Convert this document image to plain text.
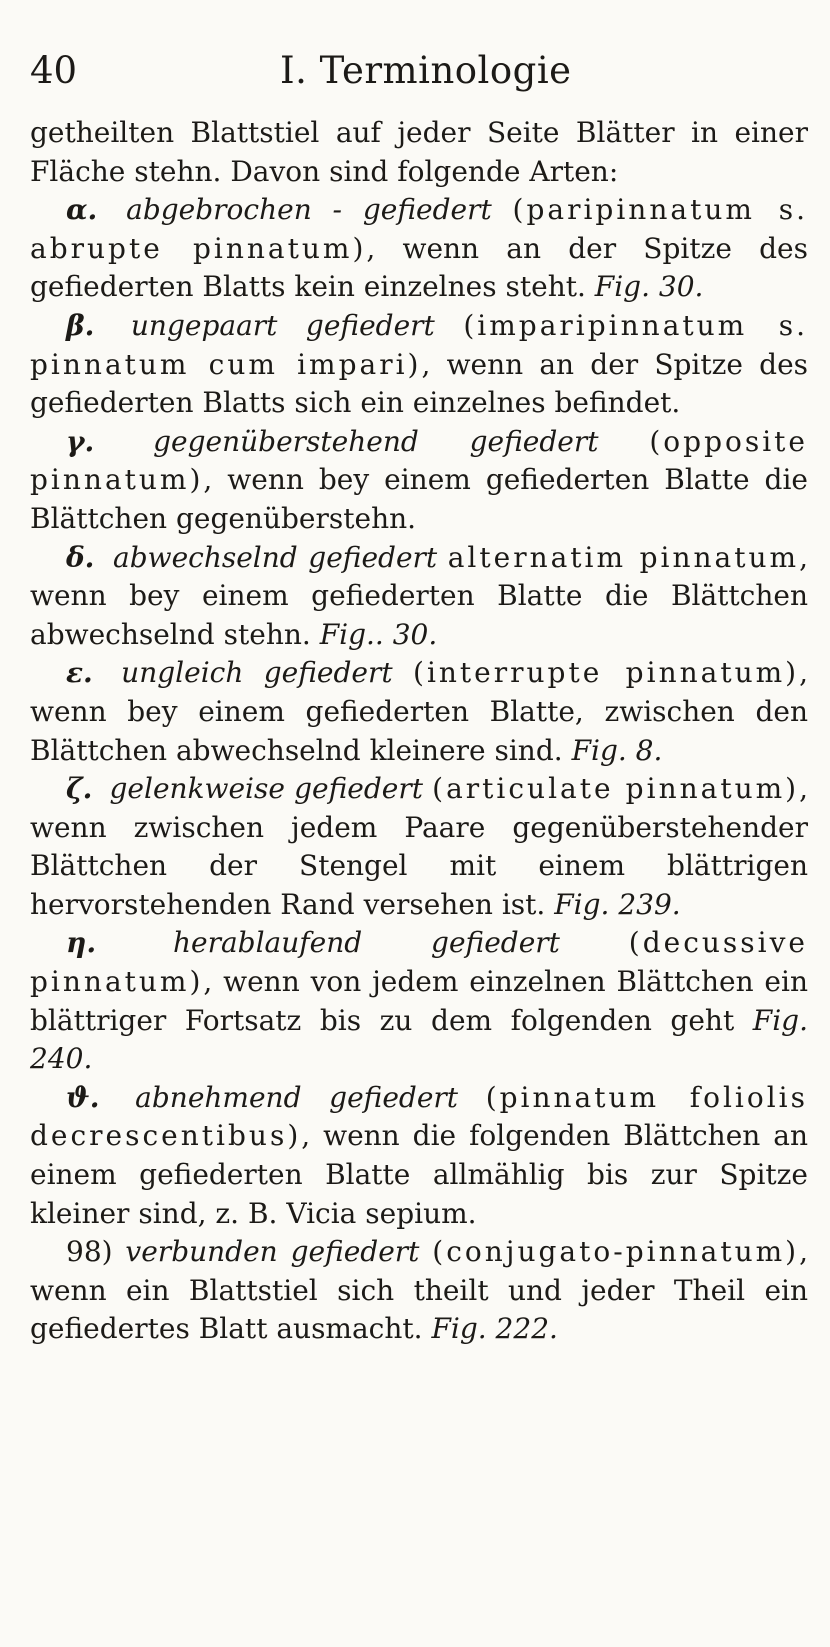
40	I. Terminologie

getheilten Blattstiel auf jeder Seite Blätter in einer Fläche stehn. Davon sind folgende Arten:

α. abgebrochen - gefiedert (paripinnatum s. abrupte pinnatum), wenn an der Spitze des gefiederten Blatts kein einzelnes steht. Fig. 30.

β. ungepaart gefiedert (imparipinnatum s. pinnatum cum impari), wenn an der Spitze des gefiederten Blatts sich ein einzelnes befindet.

γ. gegenüberstehend gefiedert (opposite pinnatum), wenn bey einem gefiederten Blatte die Blättchen gegenüberstehn.

δ. abwechselnd gefiedert alternatim pinnatum, wenn bey einem gefiederten Blatte die Blättchen abwechselnd stehn. Fig.. 30.

ε. ungleich gefiedert (interrupte pinnatum), wenn bey einem gefiederten Blatte, zwischen den Blättchen abwechselnd kleinere sind. Fig. 8.

ζ. gelenkweise gefiedert (articulate pinnatum), wenn zwischen jedem Paare gegenüberstehender Blättchen der Stengel mit einem blättrigen hervorstehenden Rand versehen ist. Fig. 239.

η.	herablaufend gefiedert (decussive pinnatum), wenn von jedem einzelnen Blättchen ein blättriger Fortsatz bis zu dem folgenden geht Fig. 240.

ϑ. abnehmend gefiedert (pinnatum foliolis decrescentibus), wenn die folgenden Blättchen an einem gefiederten Blatte allmählig bis zur Spitze kleiner sind, z. B. Vicia sepium.

98) verbunden gefiedert (conjugato-pinnatum), wenn ein Blattstiel sich theilt und jeder Theil ein gefiedertes Blatt ausmacht. Fig. 222.
